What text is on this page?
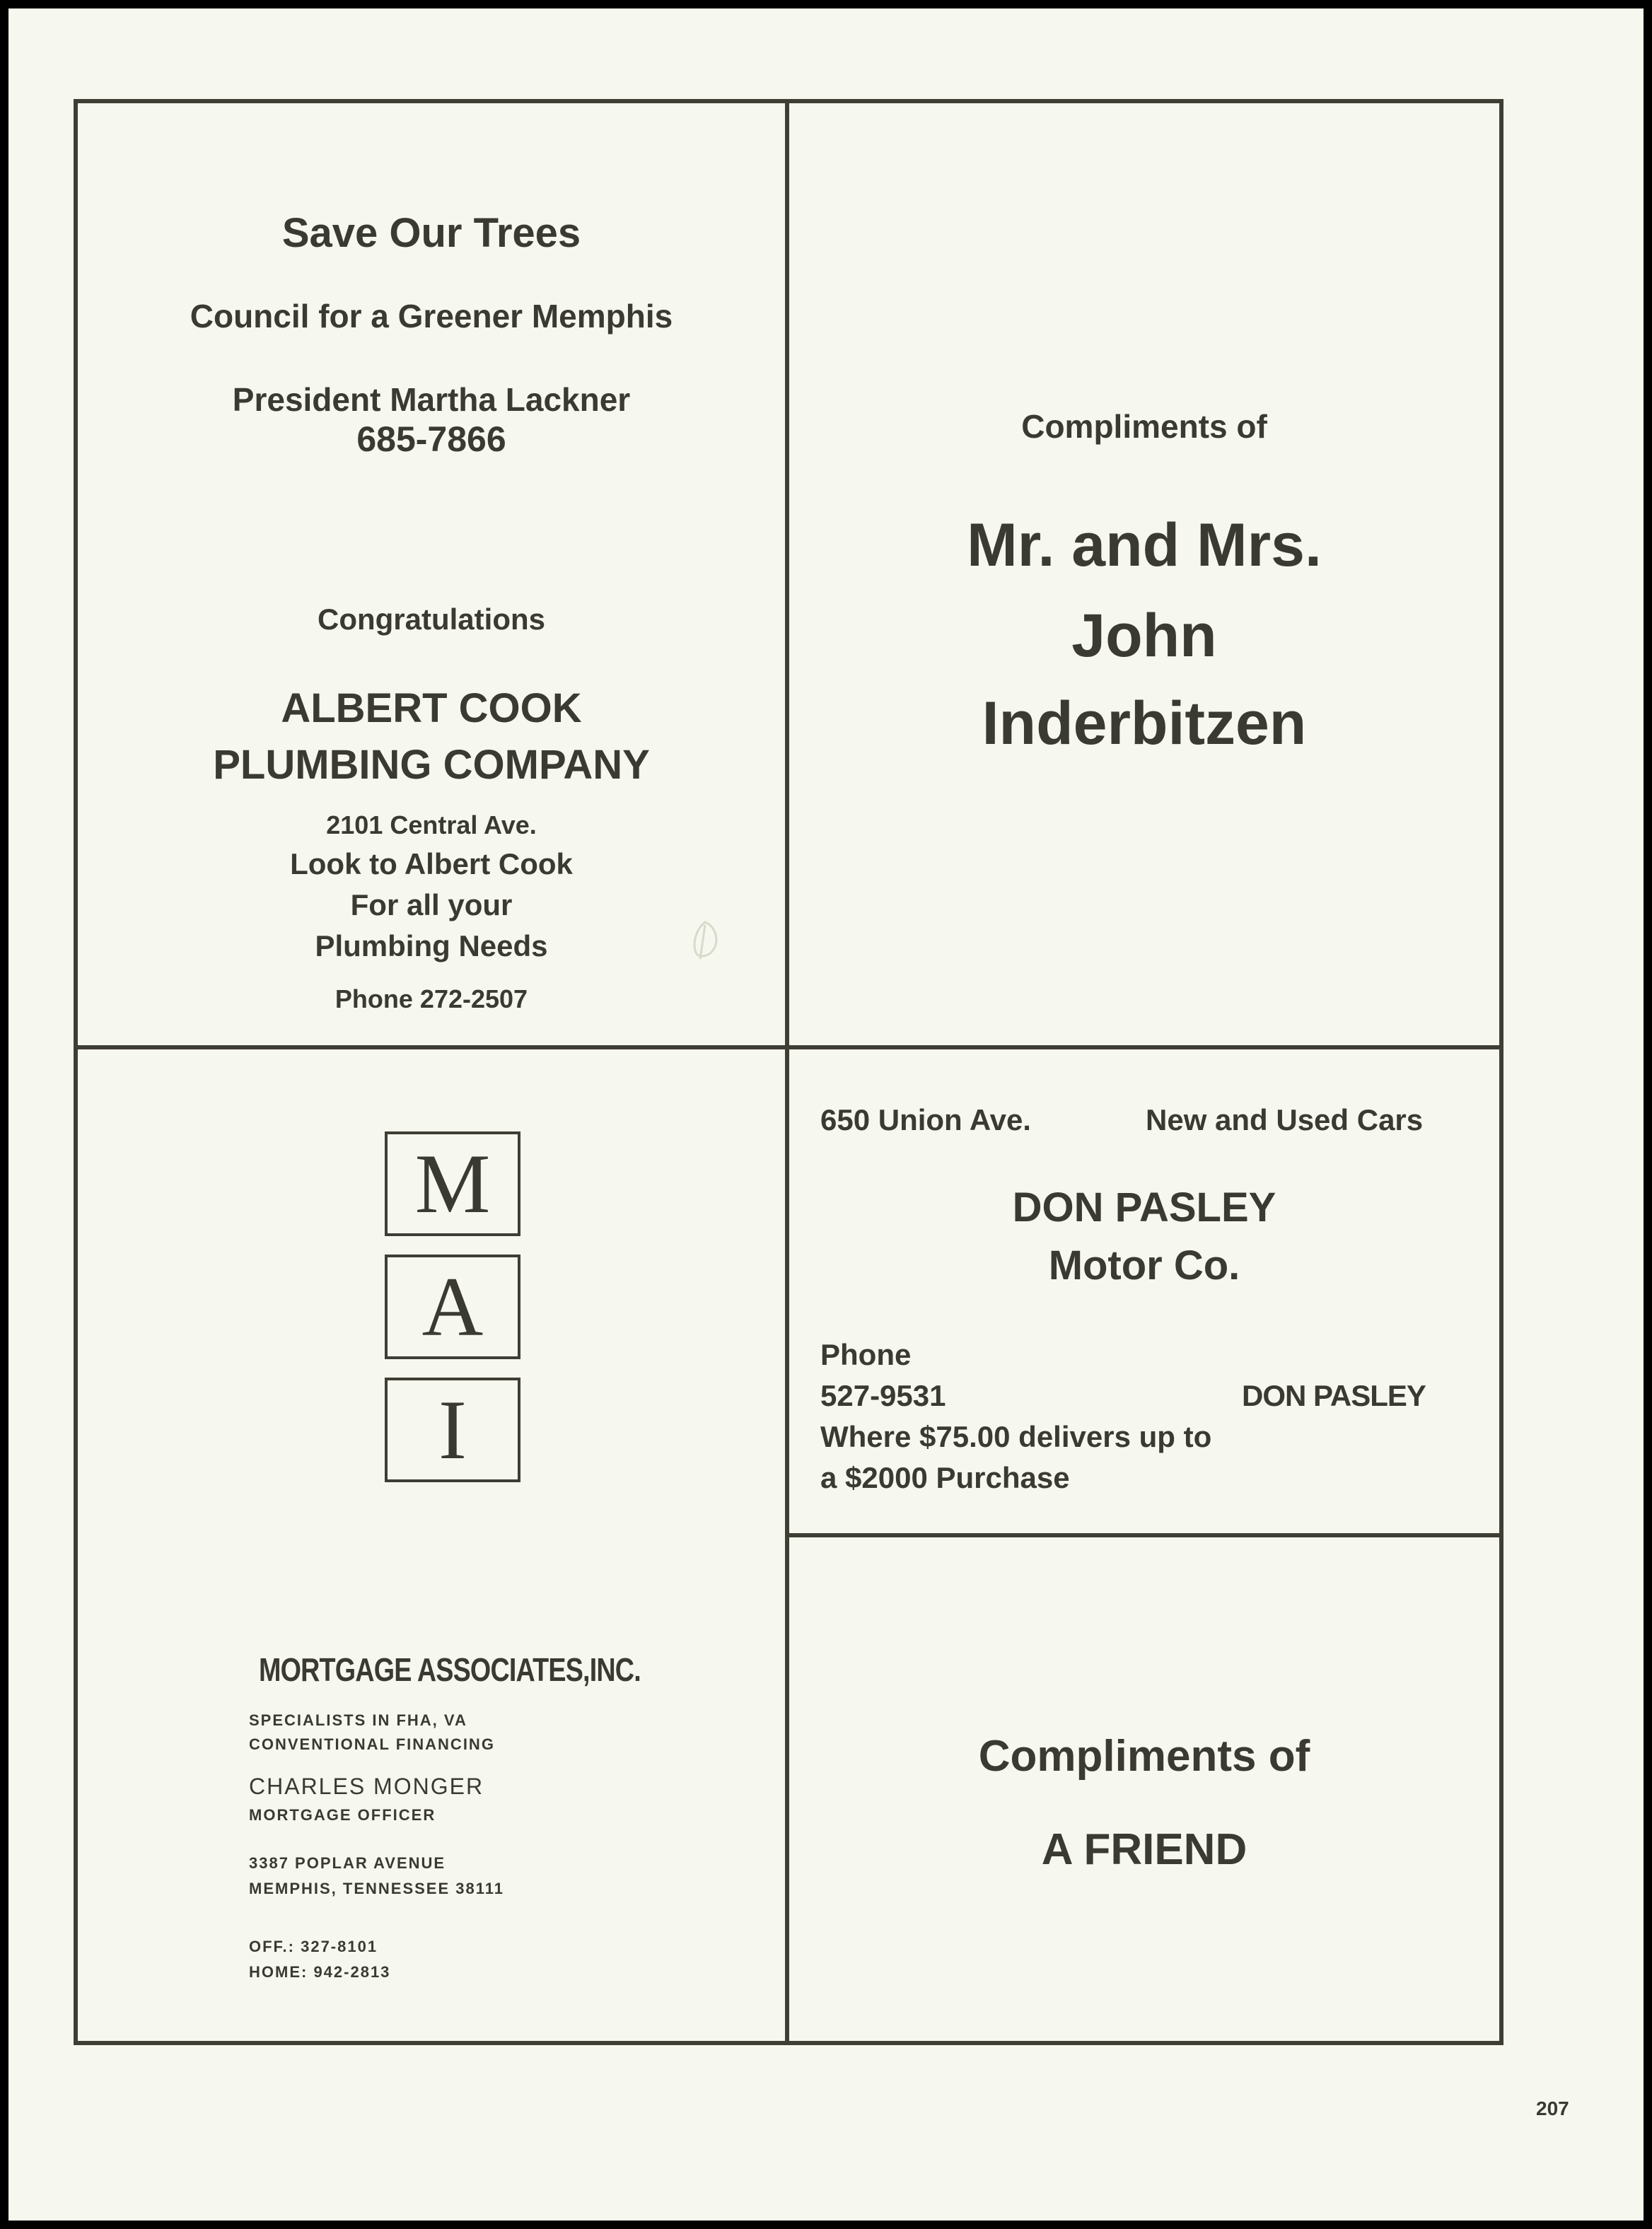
Save Our Trees
Council for a Greener Memphis
President Martha Lackner
685-7866
Congratulations
ALBERT COOK
PLUMBING COMPANY
2101 Central Ave.
Look to Albert Cook
For all your
Plumbing Needs
Phone 272-2507
Compliments of
Mr. and Mrs.
John
Inderbitzen
M
A
I
MORTGAGE ASSOCIATES,INC.
SPECIALISTS IN FHA, VA
CONVENTIONAL FINANCING
CHARLES MONGER
MORTGAGE OFFICER
3387 POPLAR AVENUE
MEMPHIS, TENNESSEE 38111
OFF.: 327-8101
HOME: 942-2813
650 Union Ave.	New and Used Cars
DON PASLEY
Motor Co.
Phone
527-9531	DON PASLEY
Where $75.00 delivers up to
a $2000 Purchase
Compliments of
A FRIEND
207
